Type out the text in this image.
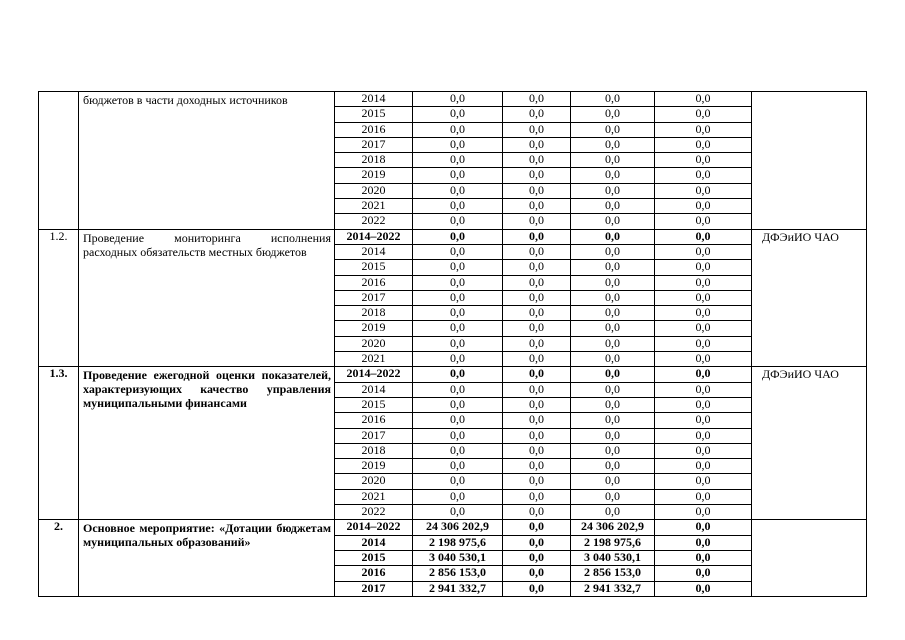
	бюджетов в части доходных источников	2014	0,0	0,0	0,0	0,0	
		2015	0,0	0,0	0,0	0,0	
		2016	0,0	0,0	0,0	0,0	
		2017	0,0	0,0	0,0	0,0	
		2018	0,0	0,0	0,0	0,0	
		2019	0,0	0,0	0,0	0,0	
		2020	0,0	0,0	0,0	0,0	
		2021	0,0	0,0	0,0	0,0	
		2022	0,0	0,0	0,0	0,0	
1.2.	Проведение мониторинга исполнения расходных обязательств местных бюджетов	2014–2022	0,0	0,0	0,0	0,0	ДФЭиИО ЧАО
		2014	0,0	0,0	0,0	0,0	
		2015	0,0	0,0	0,0	0,0	
		2016	0,0	0,0	0,0	0,0	
		2017	0,0	0,0	0,0	0,0	
		2018	0,0	0,0	0,0	0,0	
		2019	0,0	0,0	0,0	0,0	
		2020	0,0	0,0	0,0	0,0	
		2021	0,0	0,0	0,0	0,0	
1.3.	Проведение ежегодной оценки показателей, характеризующих качество управления муниципальными финансами	2014–2022	0,0	0,0	0,0	0,0	ДФЭиИО ЧАО
		2014	0,0	0,0	0,0	0,0	
		2015	0,0	0,0	0,0	0,0	
		2016	0,0	0,0	0,0	0,0	
		2017	0,0	0,0	0,0	0,0	
		2018	0,0	0,0	0,0	0,0	
		2019	0,0	0,0	0,0	0,0	
		2020	0,0	0,0	0,0	0,0	
		2021	0,0	0,0	0,0	0,0	
		2022	0,0	0,0	0,0	0,0	
2.	Основное мероприятие: «Дотации бюджетам муниципальных образований»	2014–2022	24 306 202,9	0,0	24 306 202,9	0,0	
		2014	2 198 975,6	0,0	2 198 975,6	0,0	
		2015	3 040 530,1	0,0	3 040 530,1	0,0	
		2016	2 856 153,0	0,0	2 856 153,0	0,0	
		2017	2 941 332,7	0,0	2 941 332,7	0,0	
